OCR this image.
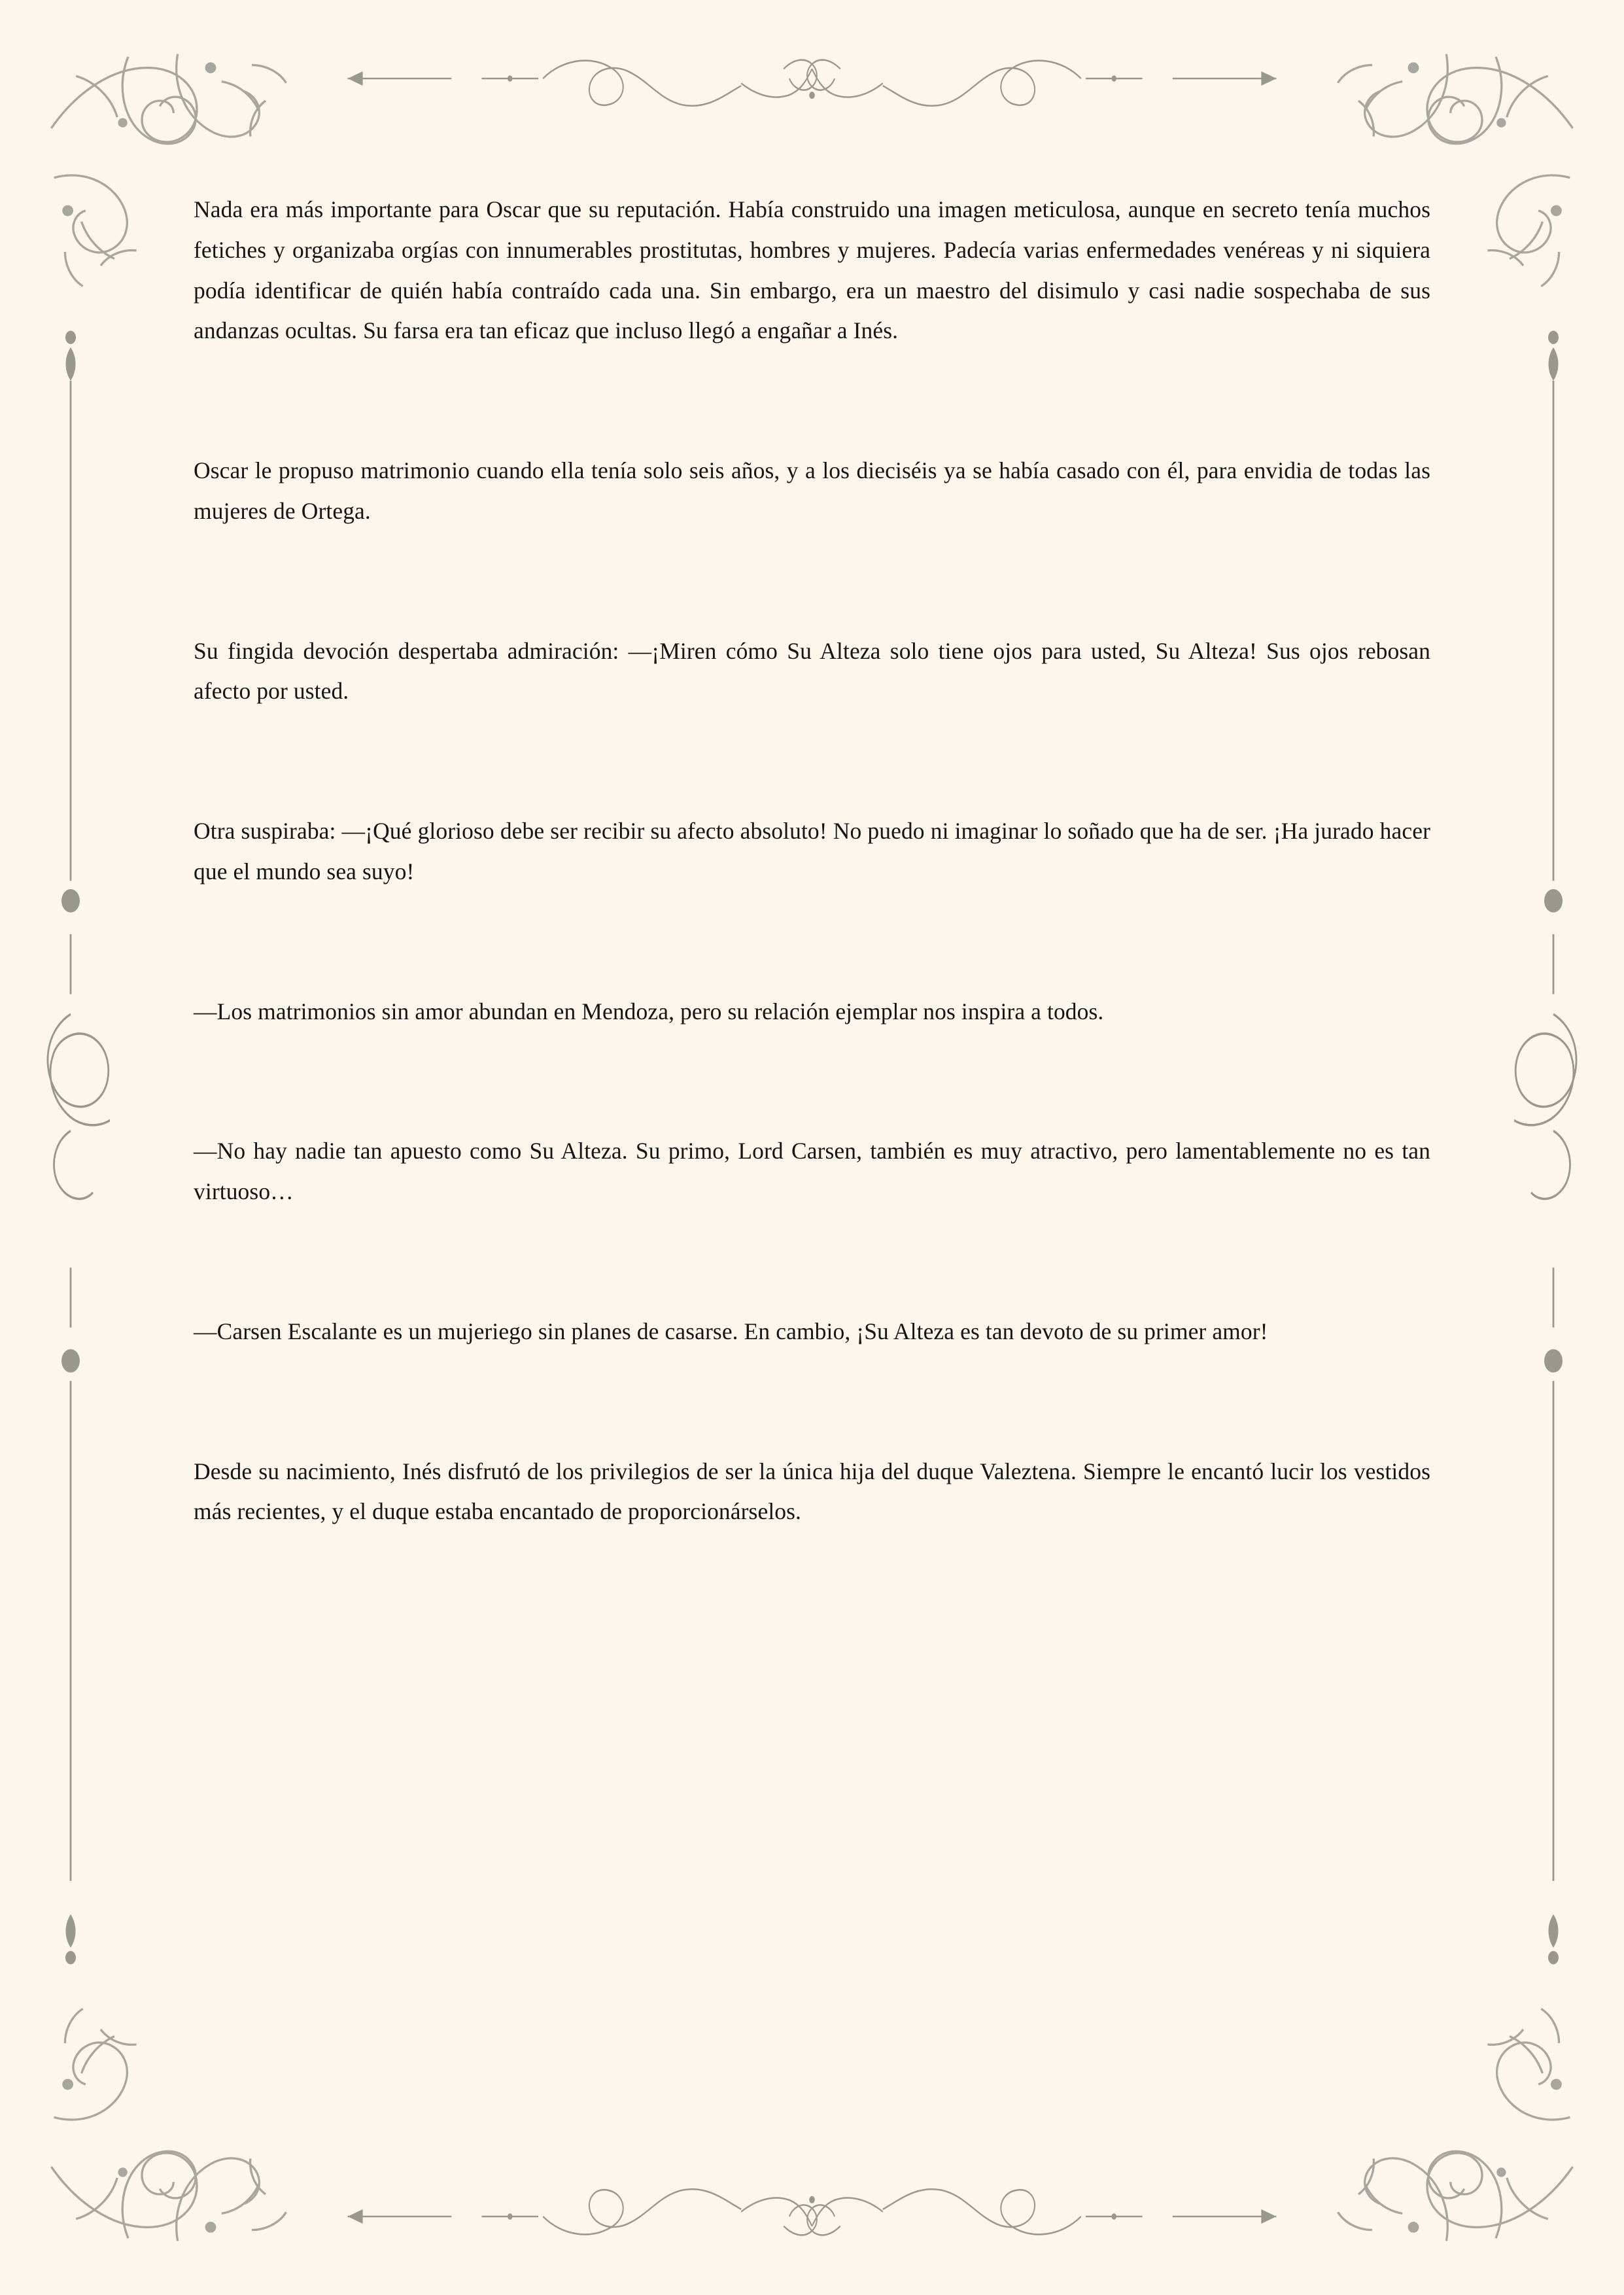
Nada era más importante para Oscar que su reputación. Había construido una imagen meticulosa, aunque en secreto tenía muchos fetiches y organizaba orgías con innumerables prostitutas, hombres y mujeres. Padecía varias enfermedades venéreas y ni siquiera podía identificar de quién había contraído cada una. Sin embargo, era un maestro del disimulo y casi nadie sospechaba de sus andanzas ocultas. Su farsa era tan eficaz que incluso llegó a engañar a Inés.

Oscar le propuso matrimonio cuando ella tenía solo seis años, y a los dieciséis ya se había casado con él, para envidia de todas las mujeres de Ortega.

Su fingida devoción despertaba admiración: —¡Miren cómo Su Alteza solo tiene ojos para usted, Su Alteza! Sus ojos rebosan afecto por usted.

Otra suspiraba: —¡Qué glorioso debe ser recibir su afecto absoluto! No puedo ni imaginar lo soñado que ha de ser. ¡Ha jurado hacer que el mundo sea suyo!

—Los matrimonios sin amor abundan en Mendoza, pero su relación ejemplar nos inspira a todos.

—No hay nadie tan apuesto como Su Alteza. Su primo, Lord Carsen, también es muy atractivo, pero lamentablemente no es tan virtuoso…

—Carsen Escalante es un mujeriego sin planes de casarse. En cambio, ¡Su Alteza es tan devoto de su primer amor!

Desde su nacimiento, Inés disfrutó de los privilegios de ser la única hija del duque Valeztena. Siempre le encantó lucir los vestidos más recientes, y el duque estaba encantado de proporcionárselos.
